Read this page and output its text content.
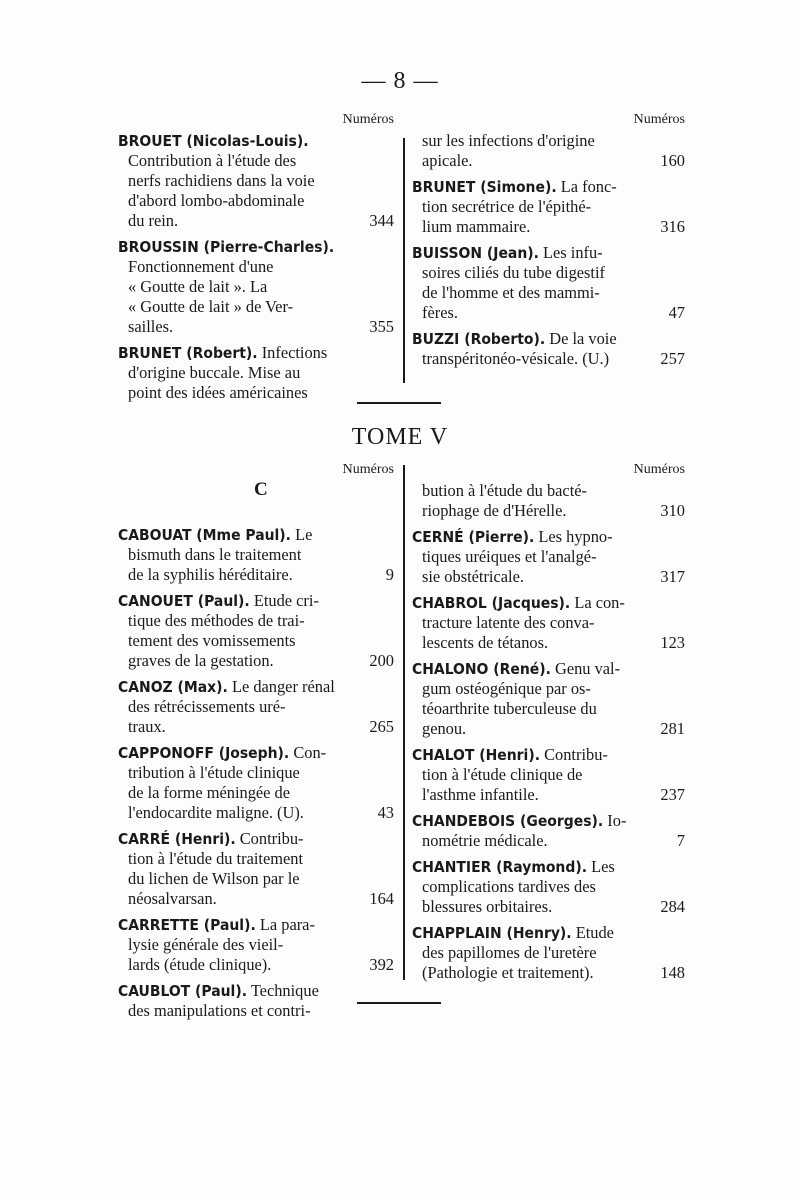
— 8 —
Numéros
BROUET (Nicolas-Louis).
Contribution à l'étude des
nerfs rachidiens dans la voie
d'abord lombo-abdominale
du rein.	344
BROUSSIN (Pierre-Charles).
Fonctionnement d'une
« Goutte de lait ». La
« Goutte de lait » de Ver-
sailles.	355
BRUNET (Robert). Infections
d'origine buccale. Mise au
point des idées américaines
Numéros
sur les infections d'origine
apicale.	160
BRUNET (Simone). La fonc-
tion secrétrice de l'épithé-
lium mammaire.	316
BUISSON (Jean). Les infu-
soires ciliés du tube digestif
de l'homme et des mammi-
fères.	47
BUZZI (Roberto). De la voie
transpéritonéo-vésicale. (U.)	257
TOME V
Numéros
C
CABOUAT (Mme Paul). Le
bismuth dans le traitement
de la syphilis héréditaire.	9
CANOUET (Paul). Etude cri-
tique des méthodes de trai-
tement des vomissements
graves de la gestation.	200
CANOZ (Max). Le danger rénal
des rétrécissements uré-
traux.	265
CAPPONOFF (Joseph). Con-
tribution à l'étude clinique
de la forme méningée de
l'endocardite maligne. (U).	43
CARRÉ (Henri). Contribu-
tion à l'étude du traitement
du lichen de Wilson par le
néosalvarsan.	164
CARRETTE (Paul). La para-
lysie générale des vieil-
lards (étude clinique).	392
CAUBLOT (Paul). Technique
des manipulations et contri-
Numéros
bution à l'étude du bacté-
riophage de d'Hérelle.	310
CERNÉ (Pierre). Les hypno-
tiques uréiques et l'analgé-
sie obstétricale.	317
CHABROL (Jacques). La con-
tracture latente des conva-
lescents de tétanos.	123
CHALONO (René). Genu val-
gum ostéogénique par os-
téoarthrite tuberculeuse du
genou.	281
CHALOT (Henri). Contribu-
tion à l'étude clinique de
l'asthme infantile.	237
CHANDEBOIS (Georges). Io-
nométrie médicale.	7
CHANTIER (Raymond). Les
complications tardives des
blessures orbitaires.	284
CHAPPLAIN (Henry). Etude
des papillomes de l'uretère
(Pathologie et traitement).	148
